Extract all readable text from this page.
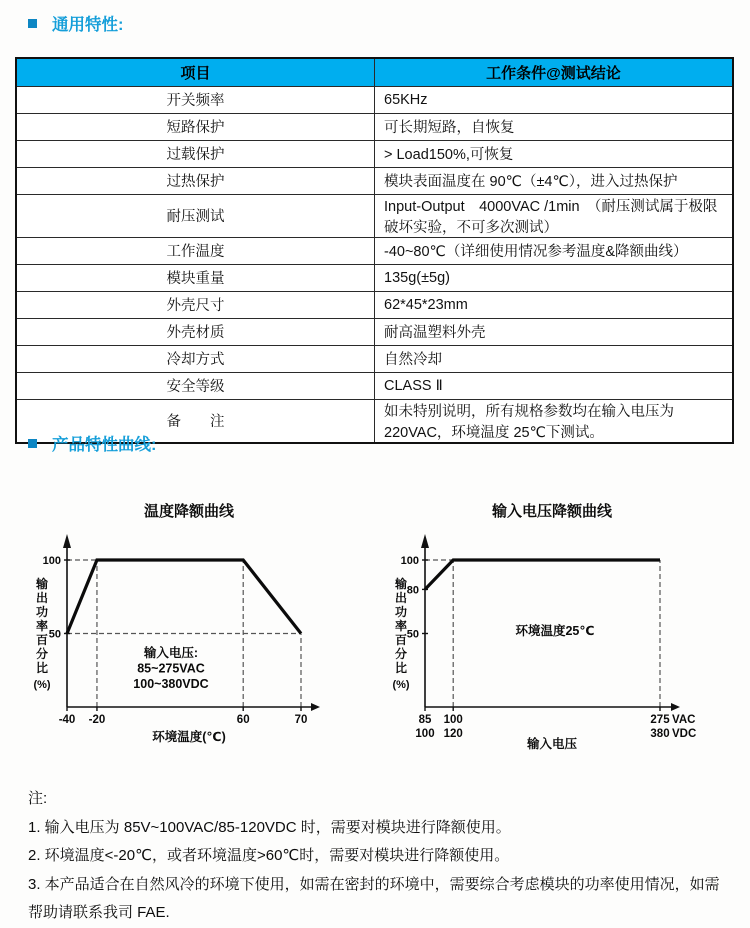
通用特性:
项目	工作条件@测试结论
开关频率	65KHz
短路保护	可长期短路，自恢复
过载保护	> Load150%,可恢复
过热保护	模块表面温度在 90℃（±4℃），进入过热保护
耐压测试	Input-Output　4000VAC /1min　（耐压测试属于极限破坏实验，不可多次测试）
工作温度	-40~80℃（详细使用情况参考温度&降额曲线）
模块重量	135g(±5g)
外壳尺寸	62*45*23mm
外壳材质	耐高温塑料外壳
冷却方式	自然冷却
安全等级	CLASS Ⅱ
备　　注	如未特别说明，所有规格参数均在输入电压为 220VAC，环境温度 25℃下测试。
产品特性曲线:
温度降额曲线
输
出
功
率
百
分
比
(%)
100
50
-40 -20	60	70
环境温度(℃)
输入电压:
85~275VAC
100~380VDC
输入电压降额曲线
输
出
功
率
百
分
比
(%)
100
80
50
85
100
100
120
275
380
VAC
VDC
输入电压
环境温度25℃
注:
1. 输入电压为 85V~100VAC/85-120VDC 时，需要对模块进行降额使用。
2. 环境温度<-20℃，或者环境温度>60℃时，需要对模块进行降额使用。
3. 本产品适合在自然风冷的环境下使用，如需在密封的环境中，需要综合考虑模块的功率使用情况，如需帮助请联系我司 FAE.
